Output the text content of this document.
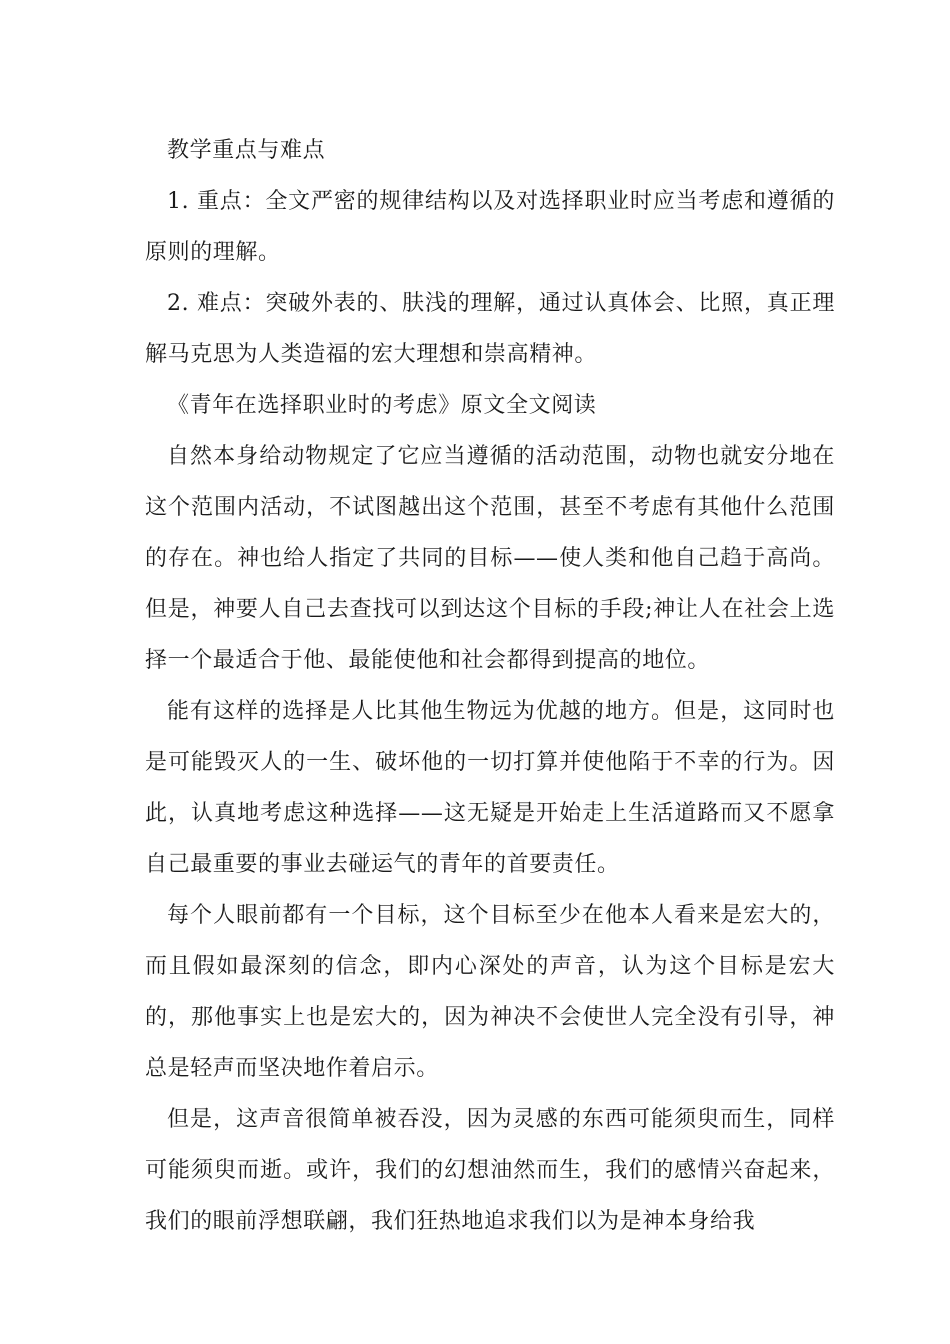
教学重点与难点

1. 重点：全文严密的规律结构以及对选择职业时应当考虑和遵循的原则的理解。

2. 难点：突破外表的、肤浅的理解，通过认真体会、比照，真正理解马克思为人类造福的宏大理想和崇高精神。

《青年在选择职业时的考虑》原文全文阅读

自然本身给动物规定了它应当遵循的活动范围，动物也就安分地在这个范围内活动，不试图越出这个范围，甚至不考虑有其他什么范围的存在。神也给人指定了共同的目标——使人类和他自己趋于高尚。但是，神要人自己去查找可以到达这个目标的手段;神让人在社会上选择一个最适合于他、最能使他和社会都得到提高的地位。

能有这样的选择是人比其他生物远为优越的地方。但是，这同时也是可能毁灭人的一生、破坏他的一切打算并使他陷于不幸的行为。因此，认真地考虑这种选择——这无疑是开始走上生活道路而又不愿拿自己最重要的事业去碰运气的青年的首要责任。

每个人眼前都有一个目标，这个目标至少在他本人看来是宏大的，而且假如最深刻的信念，即内心深处的声音，认为这个目标是宏大的，那他事实上也是宏大的，因为神决不会使世人完全没有引导，神总是轻声而坚决地作着启示。

但是，这声音很简单被吞没，因为灵感的东西可能须臾而生，同样可能须臾而逝。或许，我们的幻想油然而生，我们的感情兴奋起来，我们的眼前浮想联翩，我们狂热地追求我们以为是神本身给我
